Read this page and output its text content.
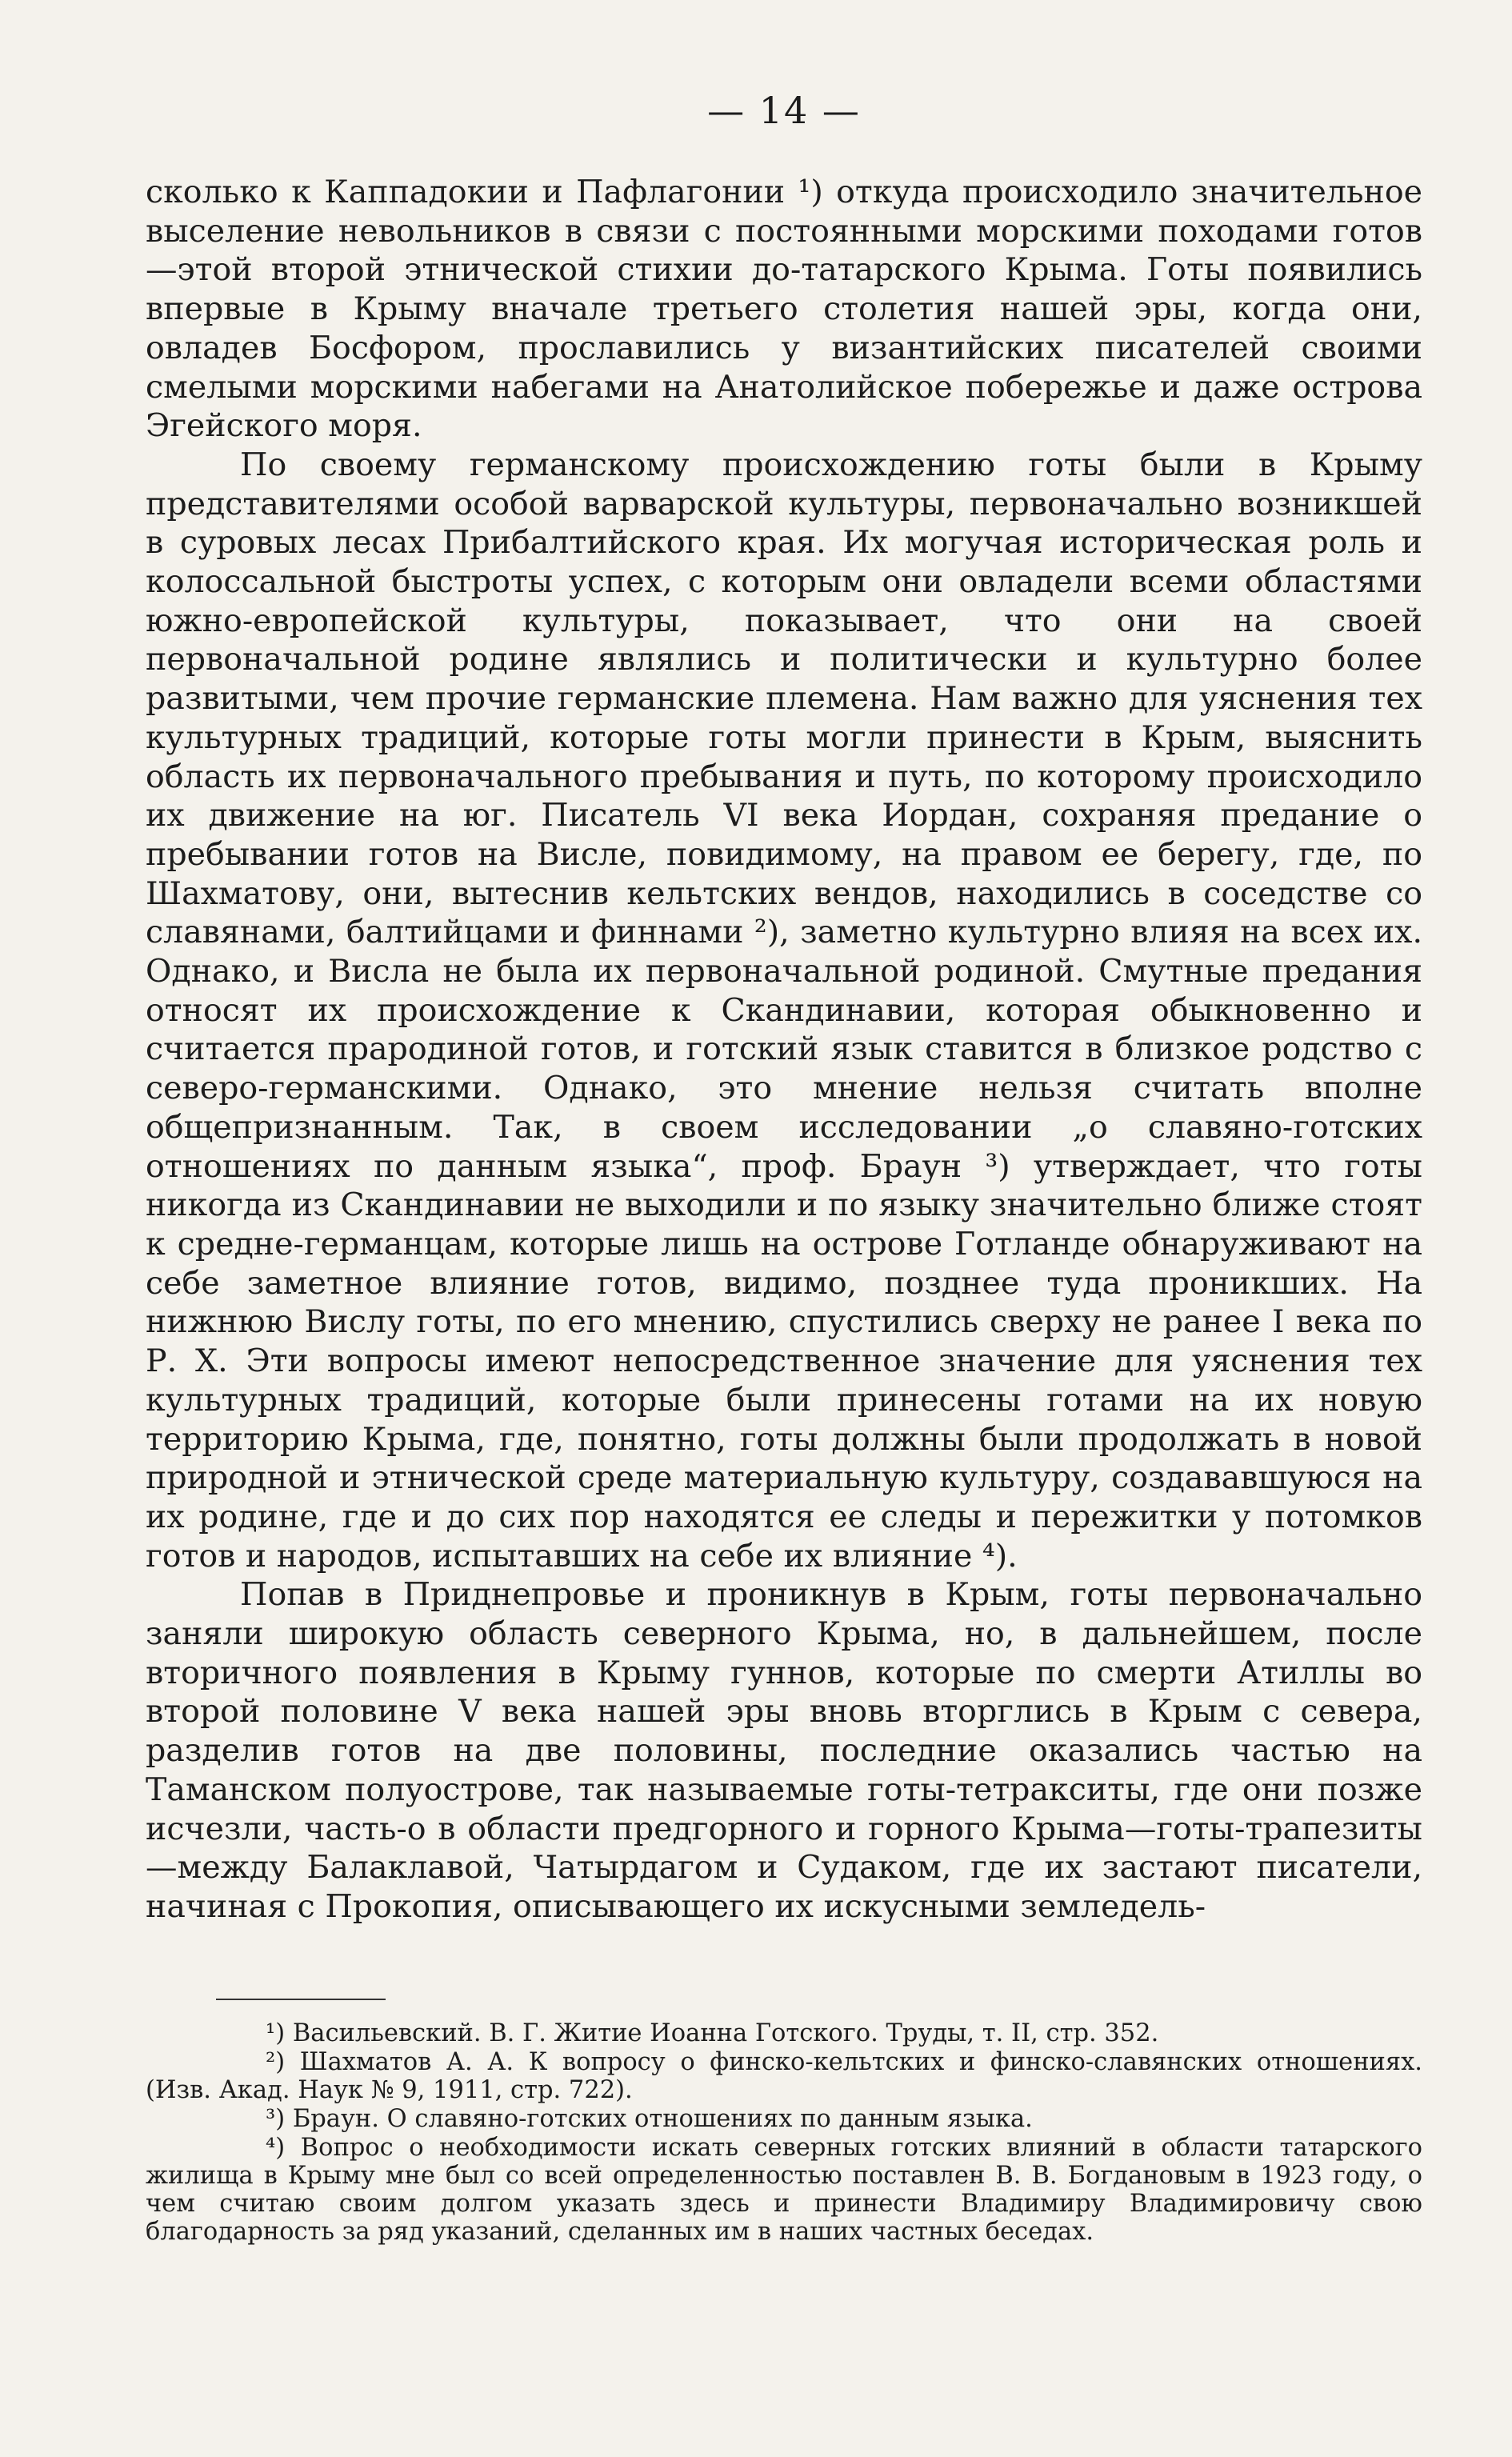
— 14 —

сколько к Каппадокии и Пафлагонии ¹) откуда происходило значительное выселение невольников в связи с постоянными морскими походами готов—этой второй этнической стихии до-татарского Крыма. Готы появились впервые в Крыму вначале третьего столетия нашей эры, когда они, овладев Босфором, прославились у византийских писателей своими смелыми морскими набегами на Анатолийское побережье и даже острова Эгейского моря.

По своему германскому происхождению готы были в Крыму представителями особой варварской культуры, первоначально возникшей в суровых лесах Прибалтийского края. Их могучая историческая роль и колоссальной быстроты успех, с которым они овладели всеми областями южно-европейской культуры, показывает, что они на своей первоначальной родине являлись и политически и культурно более развитыми, чем прочие германские племена. Нам важно для уяснения тех культурных традиций, которые готы могли принести в Крым, выяснить область их первоначального пребывания и путь, по которому происходило их движение на юг. Писатель VI века Иордан, сохраняя предание о пребывании готов на Висле, повидимому, на правом ее берегу, где, по Шахматову, они, вытеснив кельтских вендов, находились в соседстве со славянами, балтийцами и финнами ²), заметно культурно влияя на всех их. Однако, и Висла не была их первоначальной родиной. Смутные предания относят их происхождение к Скандинавии, которая обыкновенно и считается прародиной готов, и готский язык ставится в близкое родство с северо-германскими. Однако, это мнение нельзя считать вполне общепризнанным. Так, в своем исследовании „о славяно-готских отношениях по данным языка“, проф. Браун ³) утверждает, что готы никогда из Скандинавии не выходили и по языку значительно ближе стоят к средне-германцам, которые лишь на острове Готланде обнаруживают на себе заметное влияние готов, видимо, позднее туда проникших. На нижнюю Вислу готы, по его мнению, спустились сверху не ранее I века по Р. Х. Эти вопросы имеют непосредственное значение для уяснения тех культурных традиций, которые были принесены готами на их новую территорию Крыма, где, понятно, готы должны были продолжать в новой природной и этнической среде материальную культуру, создававшуюся на их родине, где и до сих пор находятся ее следы и пережитки у потомков готов и народов, испытавших на себе их влияние ⁴).

Попав в Приднепровье и проникнув в Крым, готы первоначально заняли широкую область северного Крыма, но, в дальнейшем, после вторичного появления в Крыму гуннов, которые по смерти Атиллы во второй половине V века нашей эры вновь вторглись в Крым с севера, разделив готов на две половины, последние оказались частью на Таманском полуострове, так называемые готы-тетракситы, где они позже исчезли, часть-о в области предгорного и горного Крыма—готы-трапезиты—между Балаклавой, Чатырдагом и Судаком, где их застают писатели, начиная с Прокопия, описывающего их искусными земледель-

¹) Васильевский. В. Г. Житие Иоанна Готского. Труды, т. II, стр. 352.

²) Шахматов А. А. К вопросу о финско-кельтских и финско-славянских отношениях. (Изв. Акад. Наук № 9, 1911, стр. 722).

³) Браун. О славяно-готских отношениях по данным языка.

⁴) Вопрос о необходимости искать северных готских влияний в области татарского жилища в Крыму мне был со всей определенностью поставлен В. В. Богдановым в 1923 году, о чем считаю своим долгом указать здесь и принести Владимиру Владимировичу свою благодарность за ряд указаний, сделанных им в наших частных беседах.
